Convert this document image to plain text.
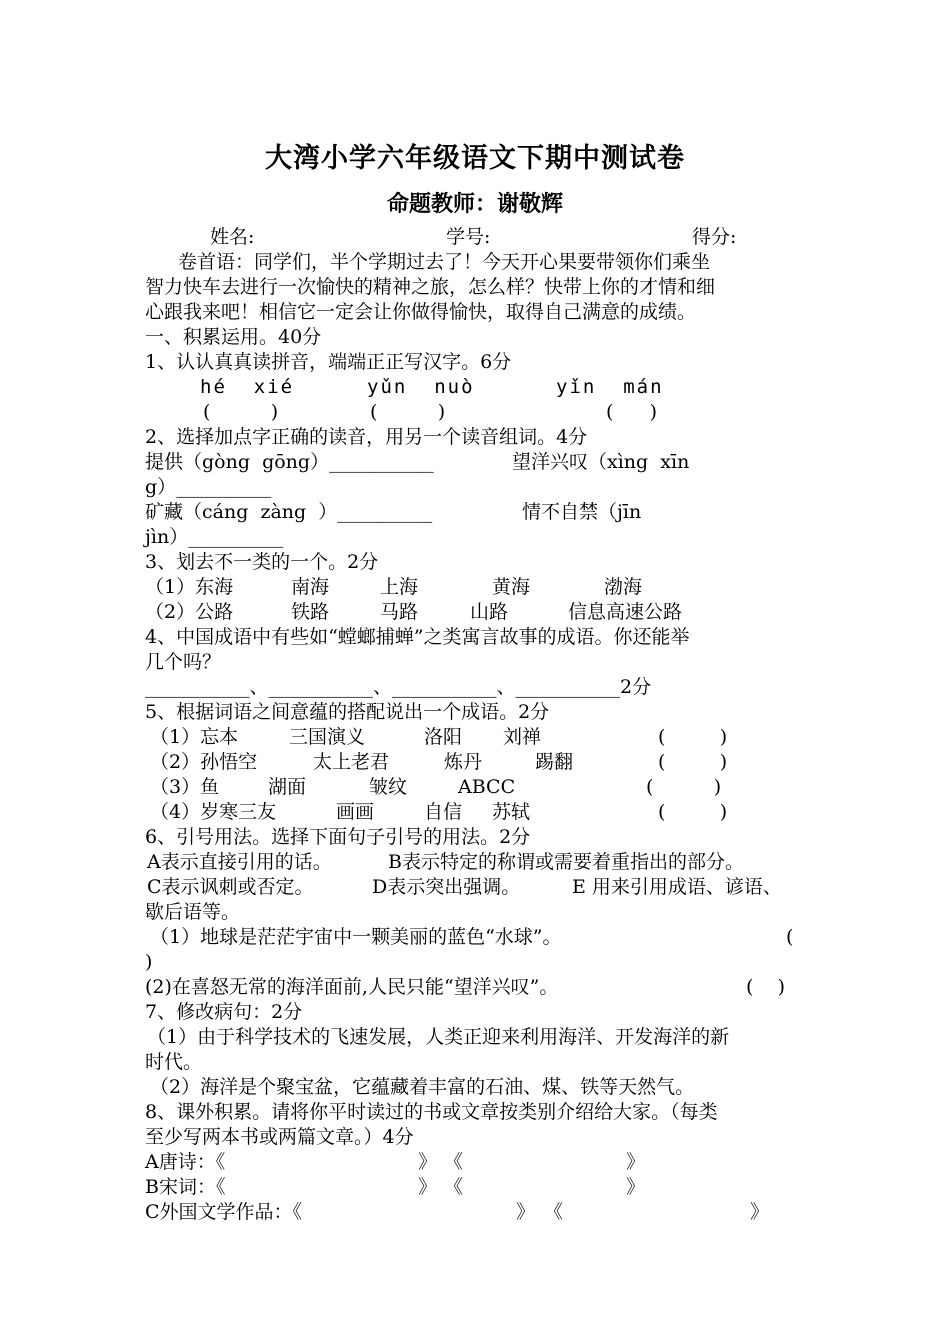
大湾小学六年级语文下期中测试卷
命题教师：谢敬辉
姓名:	学号:	得分:
卷首语：同学们，半个学期过去了！今天开心果要带领你们乘坐
智力快车去进行一次愉快的精神之旅，怎么样？快带上你的才情和细
心跟我来吧！相信它一定会让你做得愉快，取得自己满意的成绩。
一、积累运用。40分
1、认认真真读拼音，端端正正写汉字。6分
hé  xié	yǔn  nuò	yǐn  mán
(          )	(          )	(      )
2、选择加点字正确的读音，用另一个读音组词。4分
提供（gòng  gōng）___________	望洋兴叹（xìng  xīn
g）__________
矿藏（cáng  zàng  ）__________	情不自禁（jīn
jìn）__________
3、划去不一类的一个。2分
（1）东海	南海	上海	黄海	渤海
（2）公路	铁路	马路	山路	信息高速公路
4、中国成语中有些如“螳螂捕蝉”之类寓言故事的成语。你还能举
几个吗？
___________、___________、___________、___________2分
5、根据词语之间意蕴的搭配说出一个成语。2分
（1）忘本	三国演义	洛阳 刘禅	(         )
（2）孙悟空	太上老君	炼丹	踢翻	(         )
（3）鱼	湖面	皱纹	ABCC	(          )
（4）岁寒三友	画画	自信 苏轼	(         )
6、引号用法。选择下面句子引号的用法。2分
A表示直接引用的话。	B表示特定的称谓或需要着重指出的部分。
C表示讽刺或否定。	D表示突出强调。	E 用来引用成语、谚语、
歇后语等。
（1）地球是茫茫宇宙中一颗美丽的蓝色“水球”。	(
)
(2)在喜怒无常的海洋面前,人民只能“望洋兴叹”。	(    )
7、修改病句：2分
（1）由于科学技术的飞速发展，人类正迎来利用海洋、开发海洋的新
时代。
（2）海洋是个聚宝盆，它蕴藏着丰富的石油、煤、铁等天然气。
8、课外积累。请将你平时读过的书或文章按类别介绍给大家。（每类
至少写两本书或两篇文章。）4分
A唐诗：《	》 《	》
B宋词：《	》 《	》
C外国文学作品：《	》 《	》
